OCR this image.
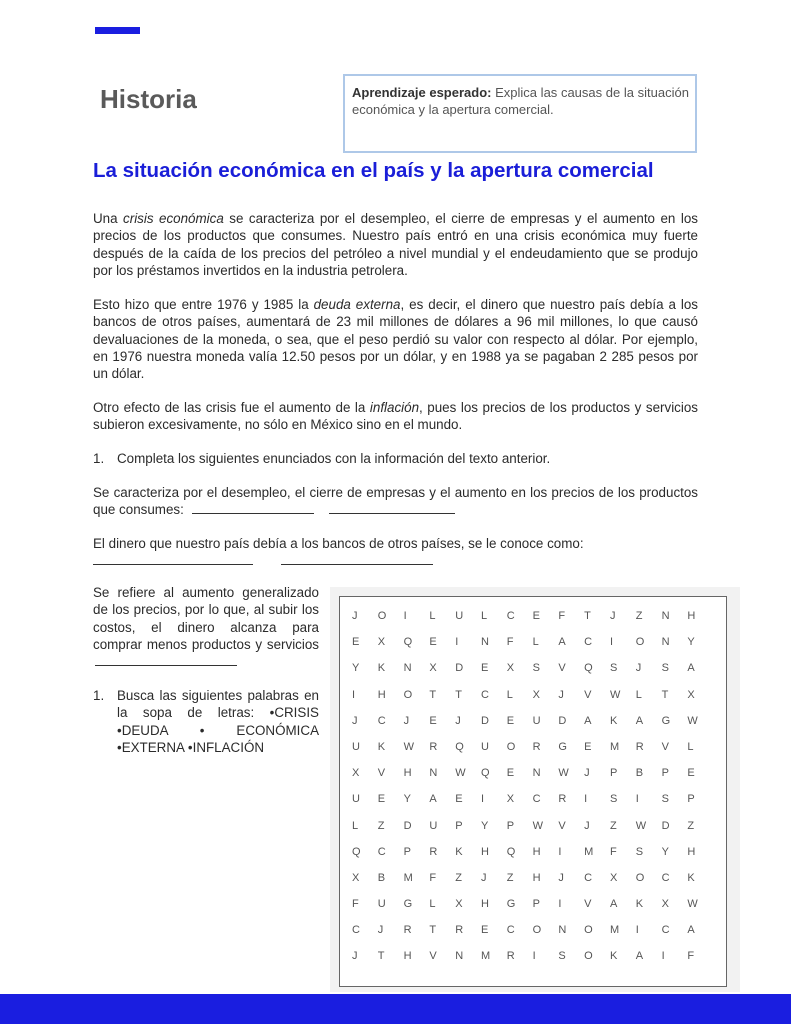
Historia	Aprendizaje esperado: Explica las causas de la situación económica y la apertura comercial.
La situación económica en el país y la apertura comercial

Una crisis económica se caracteriza por el desempleo, el cierre de empresas y el aumento en los precios de los productos que consumes. Nuestro país entró en una crisis económica muy fuerte después de la caída de los precios del petróleo a nivel mundial y el endeudamiento que se produjo por los préstamos invertidos en la industria petrolera.

Esto hizo que entre 1976 y 1985 la deuda externa, es decir, el dinero que nuestro país debía a los bancos de otros países, aumentará de 23 mil millones de dólares a 96 mil millones, lo que causó devaluaciones de la moneda, o sea, que el peso perdió su valor con respecto al dólar. Por ejemplo, en 1976 nuestra moneda valía 12.50 pesos por un dólar, y en 1988 ya se pagaban 2 285 pesos por un dólar.

Otro efecto de las crisis fue el aumento de la inflación, pues los precios de los productos y servicios subieron excesivamente, no sólo en México sino en el mundo.

1. Completa los siguientes enunciados con la información del texto anterior.

Se caracteriza por el desempleo, el cierre de empresas y el aumento en los precios de los productos que consumes:

El dinero que nuestro país debía a los bancos de otros países, se le conoce como:

Se refiere al aumento generalizado de los precios, por lo que, al subir los costos, el dinero alcanza para comprar menos productos y servicios

1. Busca las siguientes palabras en la sopa de letras: •CRISIS •DEUDA • ECONÓMICA •EXTERNA •INFLACIÓN
J	O	I	L	U	L	C	E	F	T	J	Z	N	H
E	X	Q	E	I	N	F	L	A	C	I	O	N	Y
Y	K	N	X	D	E	X	S	V	Q	S	J	S	A
I	H	O	T	T	C	L	X	J	V	W	L	T	X
J	C	J	E	J	D	E	U	D	A	K	A	G	W
U	K	W	R	Q	U	O	R	G	E	M	R	V	L
X	V	H	N	W	Q	E	N	W	J	P	B	P	E
U	E	Y	A	E	I	X	C	R	I	S	I	S	P
L	Z	D	U	P	Y	P	W	V	J	Z	W	D	Z
Q	C	P	R	K	H	Q	H	I	M	F	S	Y	H
X	B	M	F	Z	J	Z	H	J	C	X	O	C	K
F	U	G	L	X	H	G	P	I	V	A	K	X	W
C	J	R	T	R	E	C	O	N	O	M	I	C	A
J	T	H	V	N	M	R	I	S	O	K	A	I	F
